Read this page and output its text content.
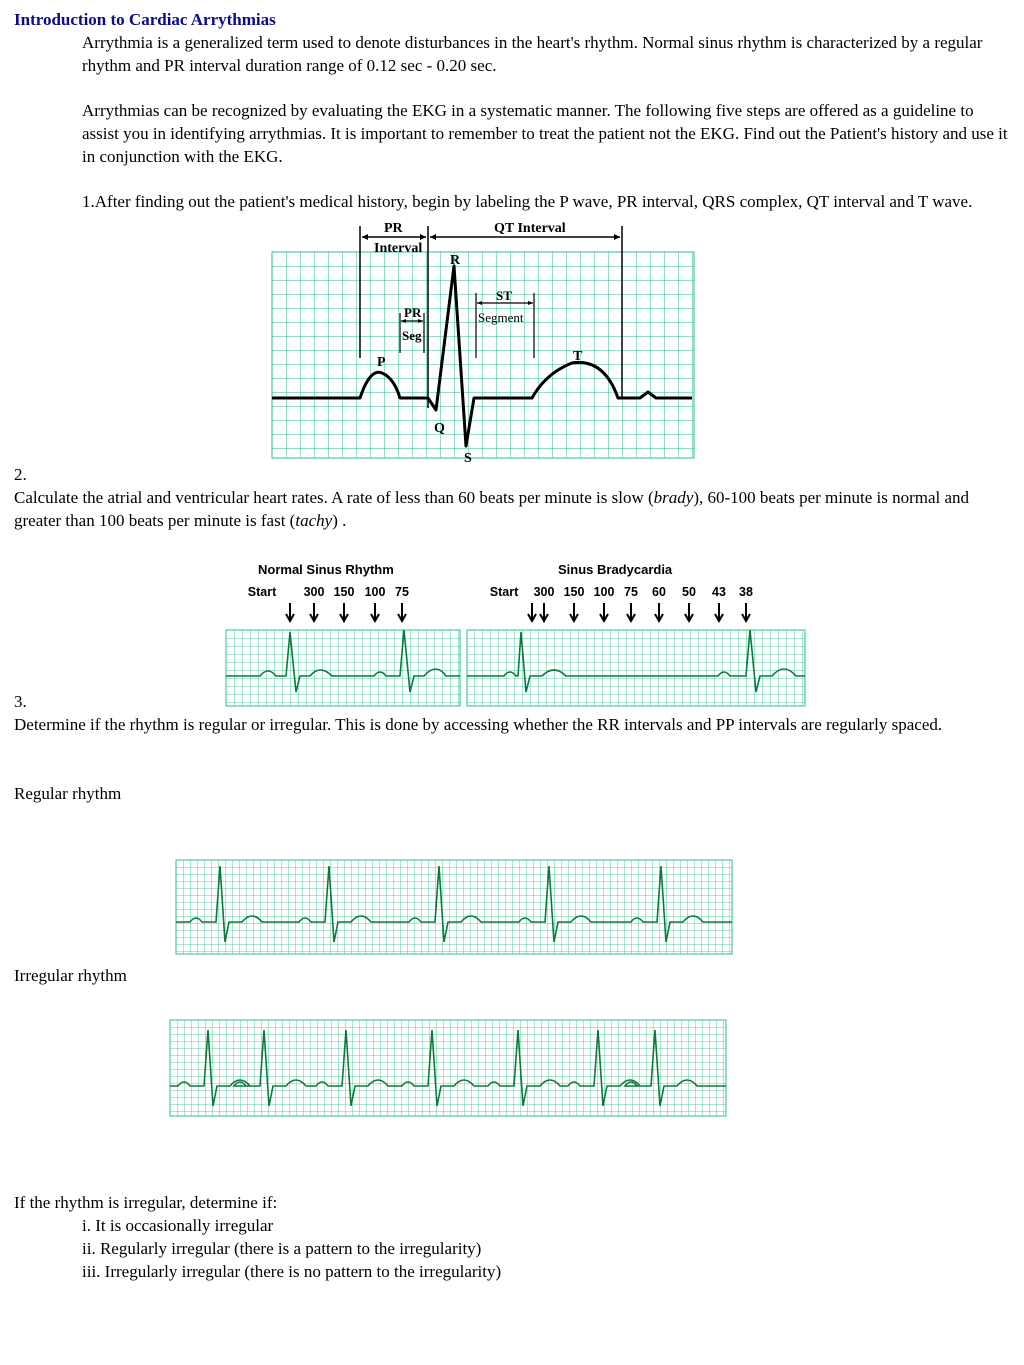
Introduction to Cardiac Arrythmias
Arrythmia is a generalized term used to denote disturbances in the heart's rhythm. Normal sinus rhythm is characterized by a regular rhythm and PR interval duration range of 0.12 sec - 0.20 sec.
Arrythmias can be recognized by evaluating the EKG in a systematic manner. The following five steps are offered as a guideline to assist you in identifying arrythmias. It is important to remember to treat the patient not the EKG. Find out the Patient's history and use it in conjunction with the EKG.
1.After finding out the patient's medical history, begin by labeling the P wave, PR interval, QRS complex, QT interval and T wave.
PR
Interval
QT Interval
R
PR
Seg
ST
Segment
P	T
Q
S
2.
Calculate the atrial and ventricular heart rates. A rate of less than 60 beats per minute is slow (brady), 60-100 beats per minute is normal and greater than 100 beats per minute is fast (tachy) .
Normal Sinus Rhythm	Sinus Bradycardia
Start 300 150 100 75	Start 300 150 100 75 60 50 43 38
3.
Determine if the rhythm is regular or irregular. This is done by accessing whether the RR intervals and PP intervals are regularly spaced.
Regular rhythm
Irregular rhythm
If the rhythm is irregular, determine if:
i. It is occasionally irregular
ii. Regularly irregular (there is a pattern to the irregularity)
iii. Irregularly irregular (there is no pattern to the irregularity)
